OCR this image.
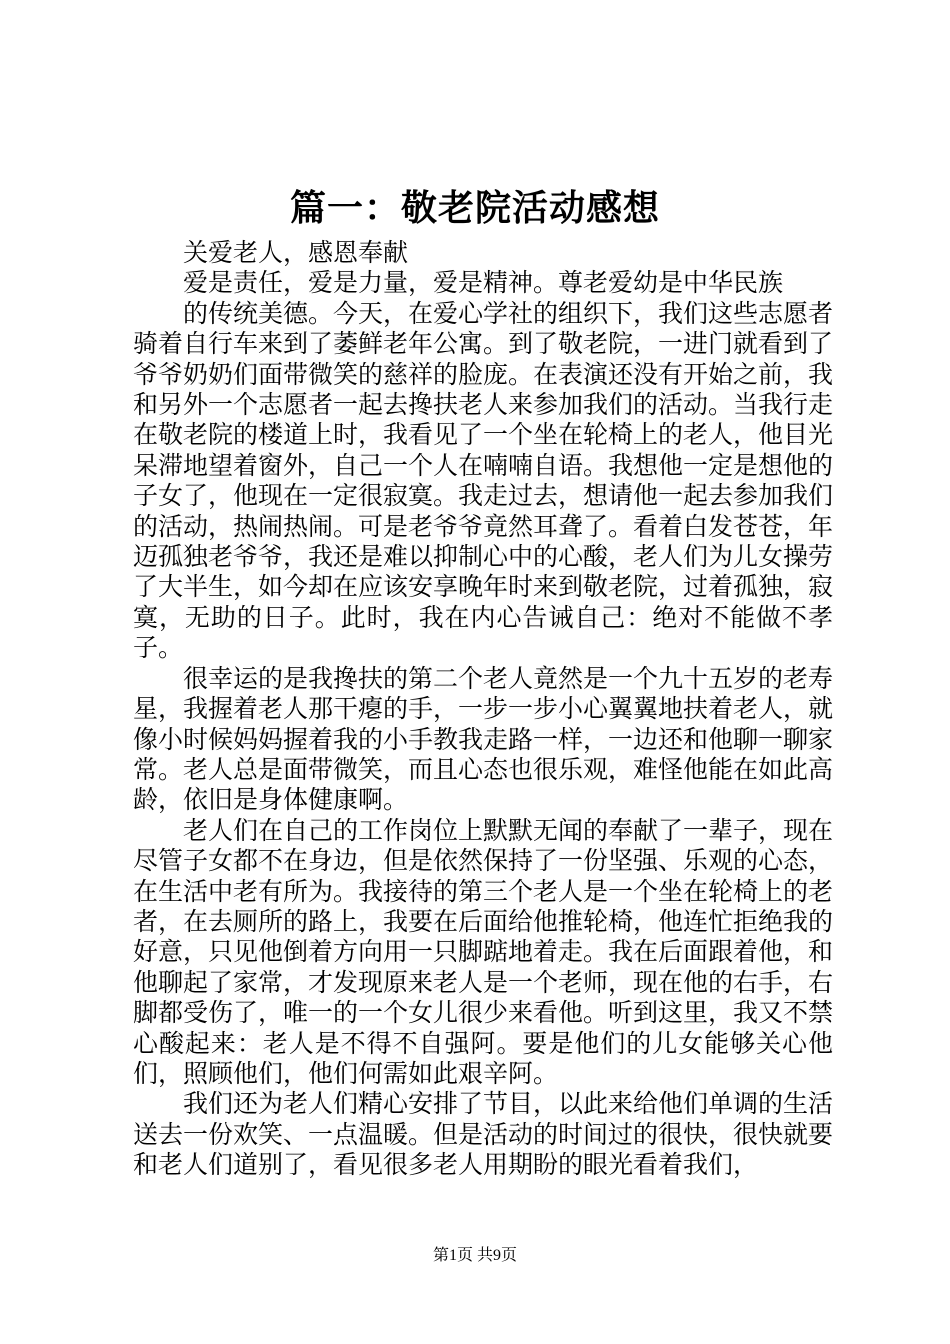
篇一：敬老院活动感想

关爱老人，感恩奉献

爱是责任，爱是力量，爱是精神。尊老爱幼是中华民族

的传统美德。今天，在爱心学社的组织下，我们这些志愿者骑着自行车来到了萎鲜老年公寓。到了敬老院，一进门就看到了爷爷奶奶们面带微笑的慈祥的脸庞。在表演还没有开始之前，我和另外一个志愿者一起去搀扶老人来参加我们的活动。当我行走在敬老院的楼道上时，我看见了一个坐在轮椅上的老人，他目光呆滞地望着窗外，自己一个人在喃喃自语。我想他一定是想他的子女了，他现在一定很寂寞。我走过去，想请他一起去参加我们的活动，热闹热闹。可是老爷爷竟然耳聋了。看着白发苍苍，年迈孤独老爷爷，我还是难以抑制心中的心酸，老人们为儿女操劳了大半生，如今却在应该安享晚年时来到敬老院，过着孤独，寂寞，无助的日子。此时，我在内心告诫自己：绝对不能做不孝子。

很幸运的是我搀扶的第二个老人竟然是一个九十五岁的老寿星，我握着老人那干瘪的手，一步一步小心翼翼地扶着老人，就像小时候妈妈握着我的小手教我走路一样，一边还和他聊一聊家常。老人总是面带微笑，而且心态也很乐观，难怪他能在如此高龄，依旧是身体健康啊。

老人们在自己的工作岗位上默默无闻的奉献了一辈子，现在尽管子女都不在身边，但是依然保持了一份坚强、乐观的心态，在生活中老有所为。我接待的第三个老人是一个坐在轮椅上的老者，在去厕所的路上，我要在后面给他推轮椅，他连忙拒绝我的好意，只见他倒着方向用一只脚踮地着走。我在后面跟着他，和他聊起了家常，才发现原来老人是一个老师，现在他的右手，右脚都受伤了，唯一的一个女儿很少来看他。听到这里，我又不禁心酸起来：老人是不得不自强阿。要是他们的儿女能够关心他们，照顾他们，他们何需如此艰辛阿。

我们还为老人们精心安排了节目，以此来给他们单调的生活送去一份欢笑、一点温暖。但是活动的时间过的很快，很快就要和老人们道别了，看见很多老人用期盼的眼光看着我们，

第1页 共9页
